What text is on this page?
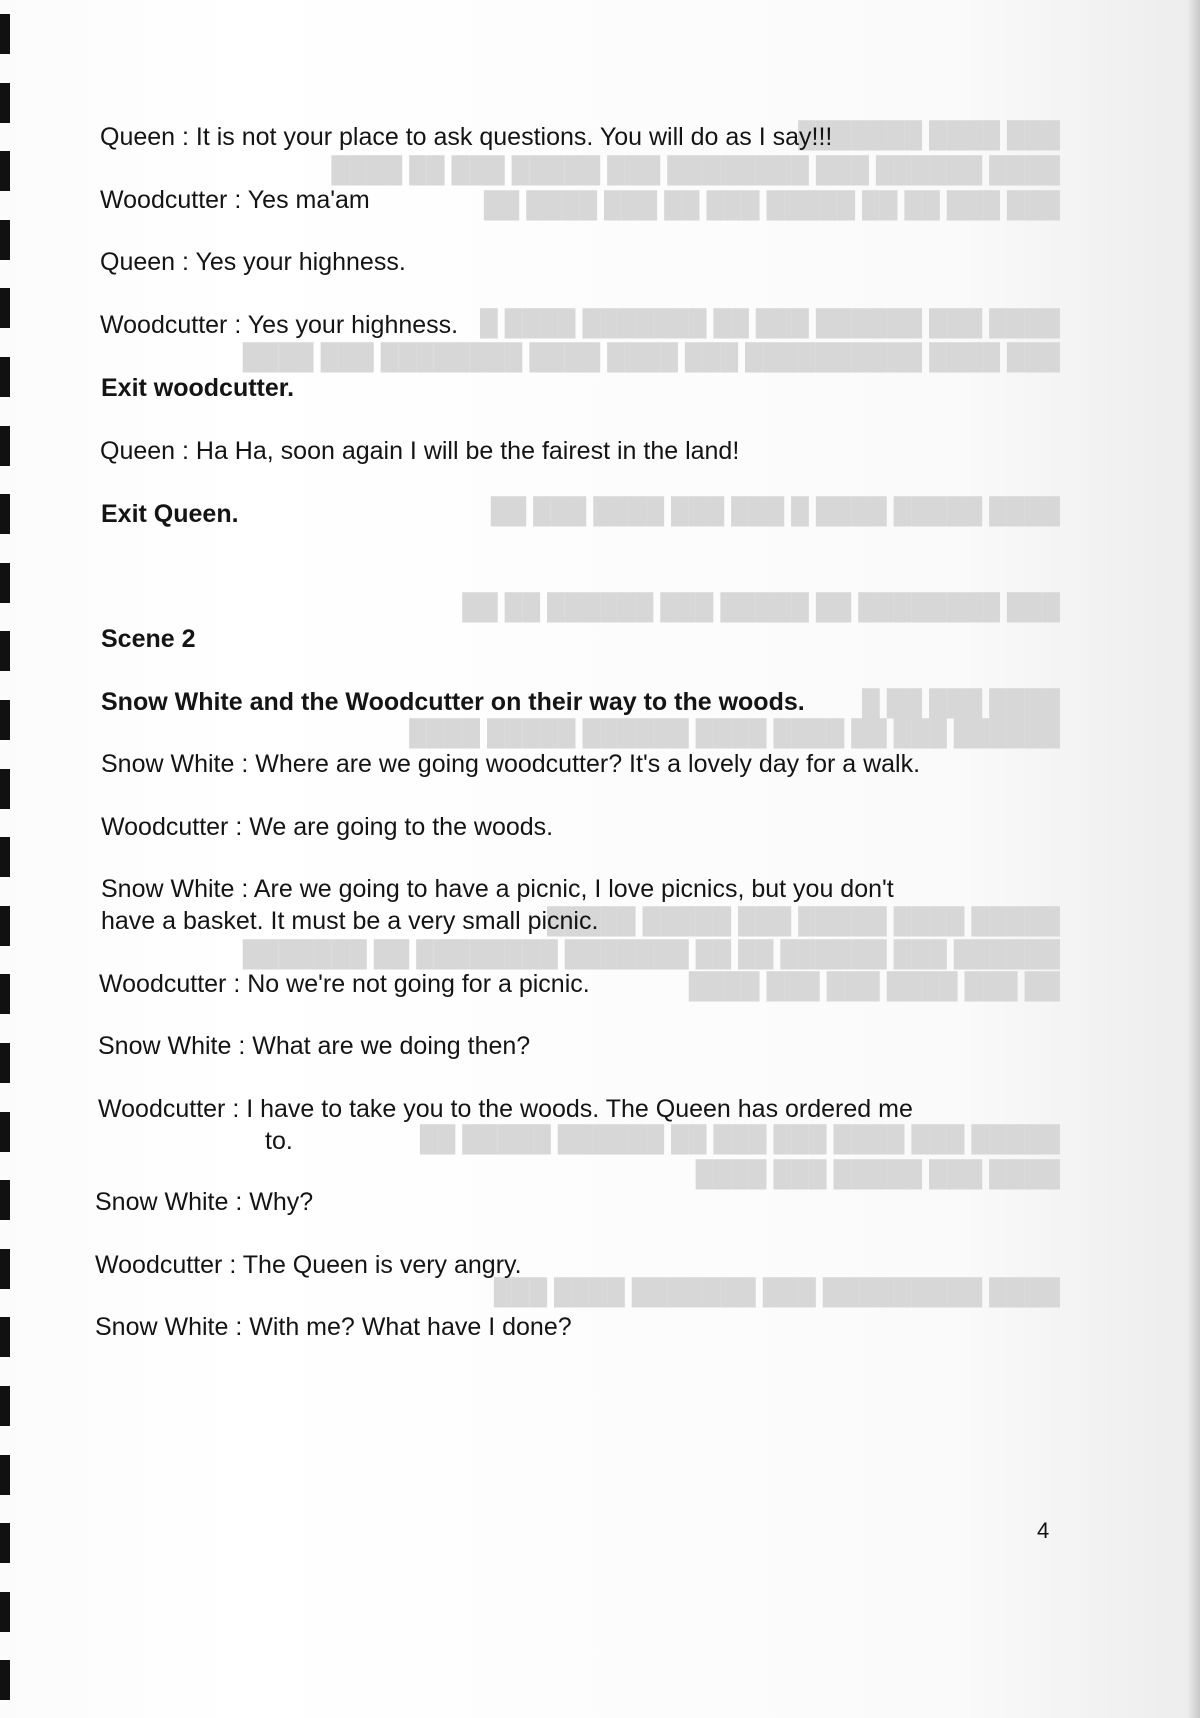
███████ ████ ███
████ ██ ███ █████ ███ ████████ ███ ██████ ████
██ ████ ███ ██ ███ █████ ██ ██ ███ ███
█ ████ ███████ ██ ███ ██████ ███ ████
████ ███ ████████ ████ ████ ███ ██████████ ████ ███
██ ███ ████ ███ ███ █ ████ █████ ████
██ ██ ██████ ███ █████ ██ ████████ ███
█ ██ ███ ████
████ █████ ██████ ████ ████ ██ ███ ██████
█████ █████ ███ █████ ████ █████
███████ ██ ████████ ███████ ██ ██ ██████ ███ ██████
████ ███ ███ ████ ███ ██
██ █████ ██████ ██ ███ ███ ████ ███ █████
████ ███ █████ ███ ████
███ ████ ███████ ███ █████████ ████
Queen : It is not your place to ask questions. You will do as I say!!!
Woodcutter : Yes ma'am
Queen : Yes your highness.
Woodcutter : Yes your highness.
Exit woodcutter.
Queen : Ha Ha, soon again I will be the fairest in the land!
Exit Queen.
Scene 2
Snow White and the Woodcutter on their way to the woods.
Snow White : Where are we going woodcutter? It's a lovely day for a walk.
Woodcutter : We are going to the woods.
Snow White : Are we going to have a picnic, I love picnics, but you don't
have a basket. It must be a very small picnic.
Woodcutter : No we're not going for a picnic.
Snow White : What are we doing then?
Woodcutter : I have to take you to the woods. The Queen has ordered me
to.
Snow White : Why?
Woodcutter : The Queen is very angry.
Snow White : With me? What have I done?
4
